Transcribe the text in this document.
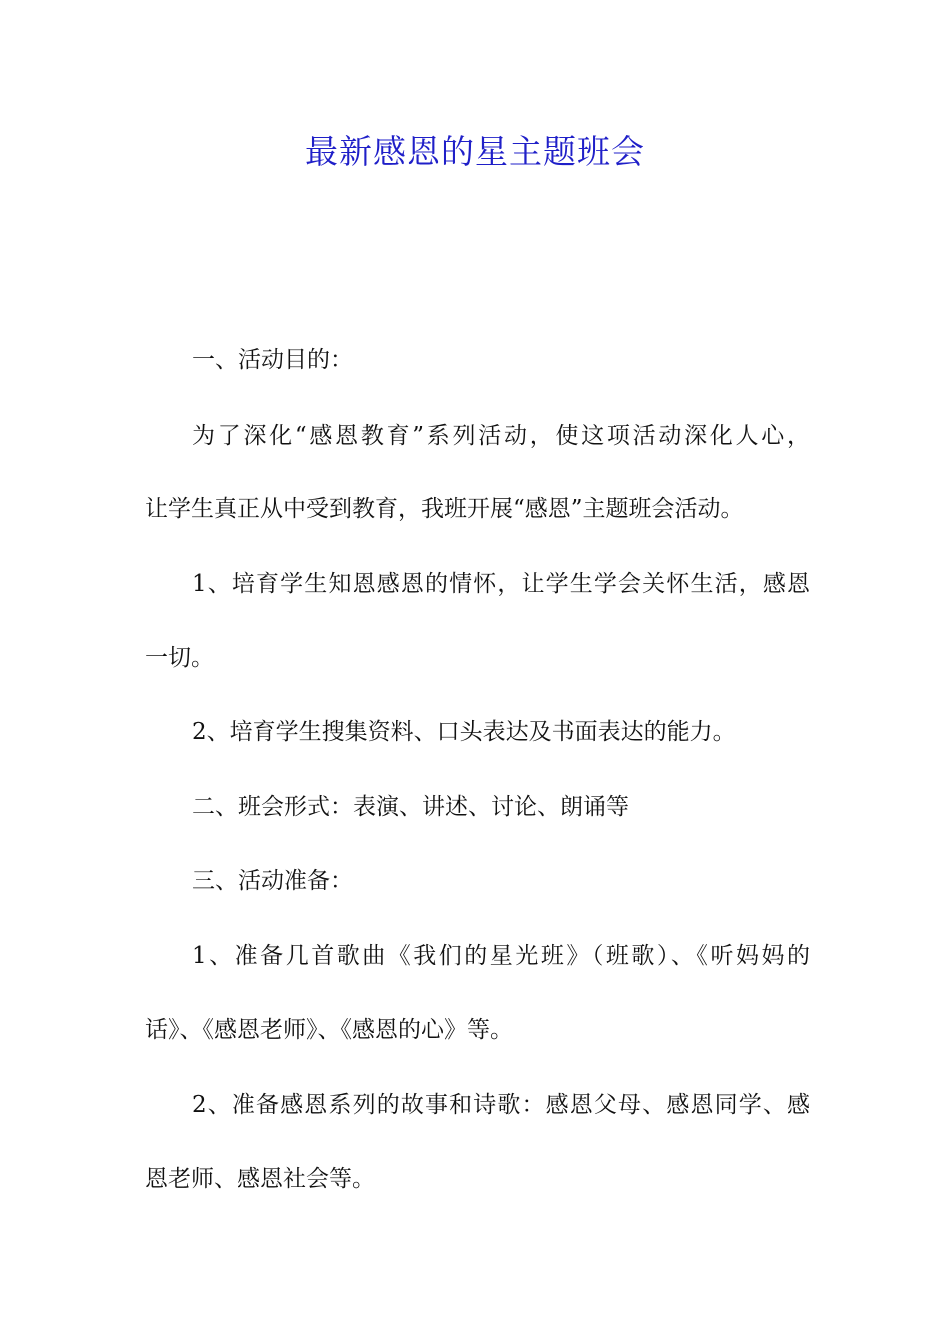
最新感恩的星主题班会
一、活动目的：
为了深化“感恩教育”系列活动，使这项活动深化人心，
让学生真正从中受到教育，我班开展“感恩”主题班会活动。
1、培育学生知恩感恩的情怀，让学生学会关怀生活，感恩
一切。
2、培育学生搜集资料、口头表达及书面表达的能力。
二、班会形式：表演、讲述、讨论、朗诵等
三、活动准备：
1、准备几首歌曲《我们的星光班》（班歌）、《听妈妈的
话》、《感恩老师》、《感恩的心》等。
2、准备感恩系列的故事和诗歌：感恩父母、感恩同学、感
恩老师、感恩社会等。
